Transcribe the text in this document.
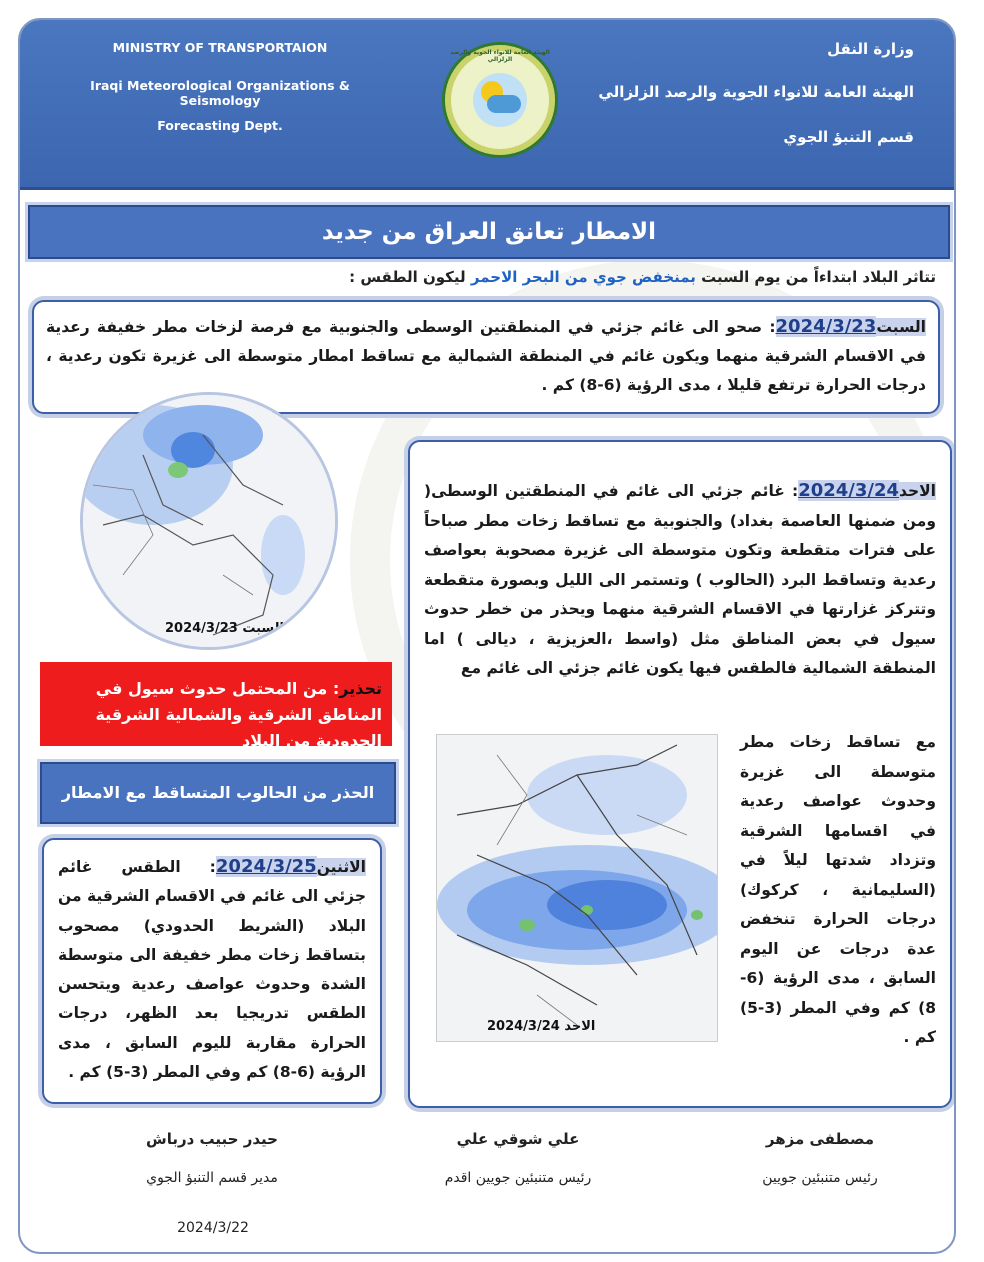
MINISTRY OF TRANSPORTAION
Iraqi Meteorological Organizations & Seismology
Forecasting Dept.
الهيئة العامة للانواء الجوية والرصد الزلزالي
وزارة النقل
الهيئة العامة للانواء الجوية والرصد الزلزالي
قسم التنبؤ الجوي
الامطار تعانق العراق من جديد
تتاثر البلاد ابتداءاً من يوم السبت بمنخفض جوي من البحر الاحمر ليكون الطقس :
السبت2024/3/23: صحو الى غائم جزئي في المنطقتين الوسطى والجنوبية مع فرصة لزخات مطر خفيفة رعدية في الاقسام الشرقية منهما ويكون غائم في المنطقة الشمالية مع تساقط امطار متوسطة الى غزيرة تكون رعدية ، درجات الحرارة ترتفع قليلا ، مدى الرؤية (6-8) كم .
السبت 2024/3/23
الاحد2024/3/24: غائم جزئي الى غائم في المنطقتين الوسطى( ومن ضمنها العاصمة بغداد) والجنوبية مع تساقط زخات مطر صباحاً على فترات متقطعة وتكون متوسطة الى غزيرة مصحوبة بعواصف رعدية وتساقط البرد (الحالوب ) وتستمر الى الليل وبصورة متقطعة وتتركز غزارتها في الاقسام الشرقية منهما ويحذر من خطر حدوث سيول في بعض المناطق مثل (واسط ،العزيزية ، ديالى ) اما المنطقة الشمالية فالطقس فيها يكون غائم جزئي الى غائم مع
مع تساقط زخات مطر متوسطة الى غزيرة وحدوث عواصف رعدية في اقسامها الشرقية وتزداد شدتها ليلاً في (السليمانية ، كركوك) درجات الحرارة تنخفض عدة درجات عن اليوم السابق ، مدى الرؤية (6-8) كم وفي المطر (3-5) كم .
الاحد 2024/3/24
تحذير: من المحتمل حدوث سيول في المناطق الشرقية والشمالية الشرقية الحدودية من البلاد
الحذر من الحالوب المتساقط مع الامطار
الاثنين2024/3/25: الطقس غائم جزئي الى غائم في الاقسام الشرقية من البلاد (الشريط الحدودي) مصحوب بتساقط زخات مطر خفيفة الى متوسطة الشدة وحدوث عواصف رعدية ويتحسن الطقس تدريجيا بعد الظهر، درجات الحرارة مقاربة لليوم السابق ، مدى الرؤية (6-8) كم وفي المطر (3-5) كم .
مصطفى مزهر
رئيس متنبئين جويين
علي شوقي علي
رئيس متنبئين جويين اقدم
حيدر حبيب درباش
مدير قسم التنبؤ الجوي
2024/3/22
